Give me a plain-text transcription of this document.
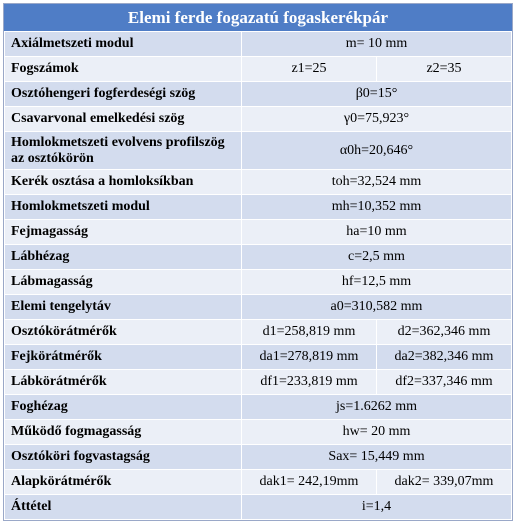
Elemi ferde fogazatú fogaskerékpár
Axiálmetszeti modul	m= 10 mm	
Fogszámok	z1=25	z2=35
Osztóhengeri fogferdeségi szög	β0=15°	
Csavarvonal emelkedési szög	γ0=75,923°	
Homlokmetszeti evolvens profilszög az osztókörön	α0h=20,646°	
Kerék osztása a homloksíkban	toh=32,524 mm	
Homlokmetszeti modul	mh=10,352 mm	
Fejmagasság	ha=10 mm	
Lábhézag	c=2,5 mm	
Lábmagasság	hf=12,5 mm	
Elemi tengelytáv	a0=310,582 mm	
Osztókörátmérők	d1=258,819 mm	d2=362,346 mm
Fejkörátmérők	da1=278,819 mm	da2=382,346 mm
Lábkörátmérők	df1=233,819 mm	df2=337,346 mm
Foghézag	js=1.6262 mm	
Működő fogmagasság	hw= 20 mm	
Osztóköri fogvastagság	Sax= 15,449 mm	
Alapkörátmérők	dak1= 242,19mm	dak2= 339,07mm
Áttétel	i=1,4	
